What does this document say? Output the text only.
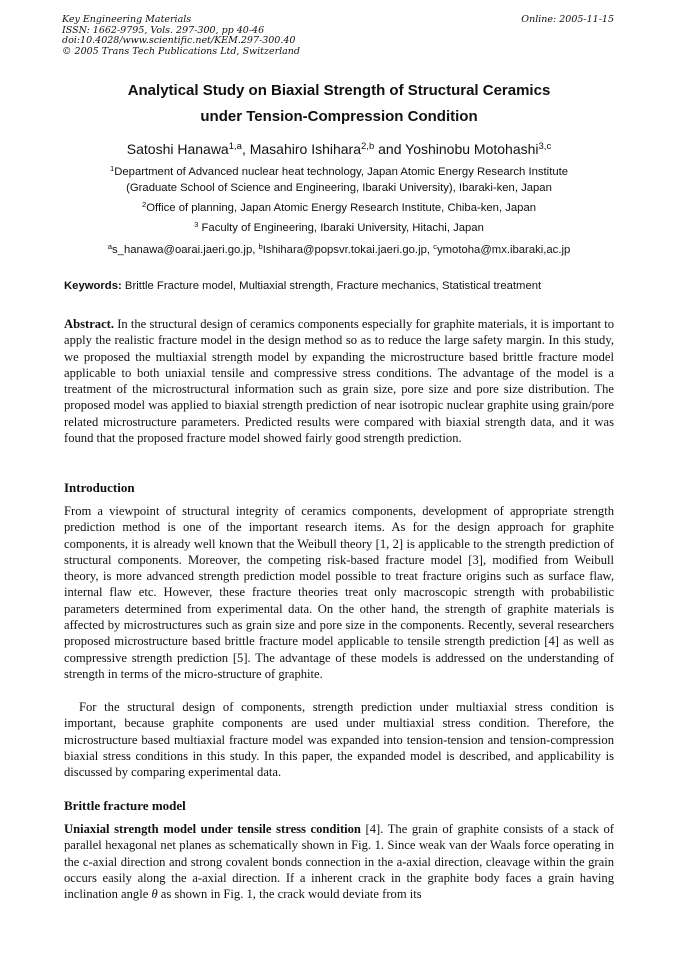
Key Engineering Materials
ISSN: 1662-9795, Vols. 297-300, pp 40-46
doi:10.4028/www.scientific.net/KEM.297-300.40
© 2005 Trans Tech Publications Ltd, Switzerland
Online: 2005-11-15
Analytical Study on Biaxial Strength of Structural Ceramics
under Tension-Compression Condition
Satoshi Hanawa$^{1,a}$, Masahiro Ishihara$^{2,b}$ and Yoshinobu Motohashi$^{3,c}$
$^1$Department of Advanced nuclear heat technology, Japan Atomic Energy Research Institute
(Graduate School of Science and Engineering, Ibaraki University), Ibaraki-ken, Japan
$^2$Office of planning, Japan Atomic Energy Research Institute, Chiba-ken, Japan
$^3$ Faculty of Engineering, Ibaraki University, Hitachi, Japan
$^a$s_hanawa@oarai.jaeri.go.jp, $^b$Ishihara@popsvr.tokai.jaeri.go.jp, $^c$ymotoha@mx.ibaraki,ac.jp
Keywords: Brittle Fracture model, Multiaxial strength, Fracture mechanics, Statistical treatment
Abstract. In the structural design of ceramics components especially for graphite materials, it is important to apply the realistic fracture model in the design method so as to reduce the large safety margin. In this study, we proposed the multiaxial strength model by expanding the microstructure based brittle fracture model applicable to both uniaxial tensile and compressive stress conditions. The advantage of the model is a treatment of the microstructural information such as grain size, pore size and pore size distribution. The proposed model was applied to biaxial strength prediction of near isotropic nuclear graphite using grain/pore related microstructure parameters. Predicted results were compared with biaxial strength data, and it was found that the proposed fracture model showed fairly good strength prediction.
Introduction
From a viewpoint of structural integrity of ceramics components, development of appropriate strength prediction method is one of the important research items. As for the design approach for graphite components, it is already well known that the Weibull theory [1, 2] is applicable to the strength prediction of structural components. Moreover, the competing risk-based fracture model [3], modified from Weibull theory, is more advanced strength prediction model possible to treat fracture origins such as surface flaw, internal flaw etc. However, these fracture theories treat only macroscopic strength with probabilistic parameters determined from experimental data. On the other hand, the strength of graphite materials is affected by microstructures such as grain size and pore size in the components. Recently, several researchers proposed microstructure based brittle fracture model applicable to tensile strength prediction [4] as well as compressive strength prediction [5]. The advantage of these models is addressed on the understanding of strength in terms of the micro-structure of graphite.
For the structural design of components, strength prediction under multiaxial stress condition is important, because graphite components are used under multiaxial stress condition. Therefore, the microstructure based multiaxial fracture model was expanded into tension-tension and tension-compression biaxial stress conditions in this study. In this paper, the expanded model is described, and applicability is discussed by comparing experimental data.
Brittle fracture model
Uniaxial strength model under tensile stress condition [4]. The grain of graphite consists of a stack of parallel hexagonal net planes as schematically shown in Fig. 1. Since weak van der Waals force operating in the c-axial direction and strong covalent bonds connection in the a-axial direction, cleavage within the grain occurs easily along the a-axial direction. If a inherent crack in the graphite body faces a grain having inclination angle θ as shown in Fig. 1, the crack would deviate from its
